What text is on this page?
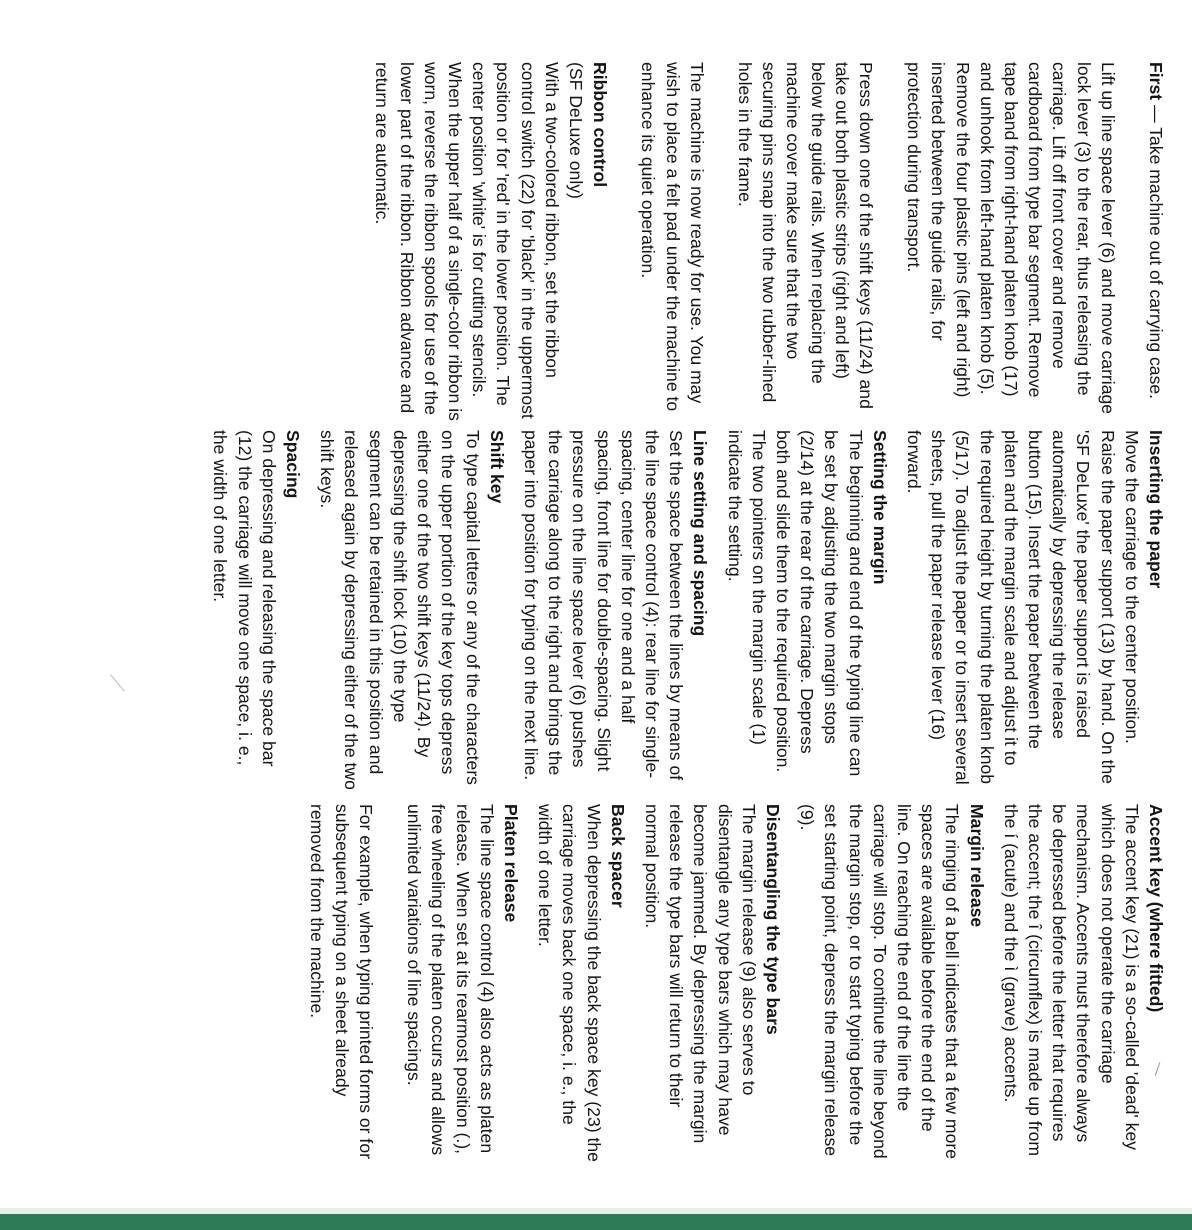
First — Take machine out of carrying case.

Lift up line space lever (6) and move carriage lock lever (3) to the rear, thus releasing the carriage. Lift off front cover and remove cardboard from type bar segment. Remove tape band from right-hand platen knob (17) and unhook from left-hand platen knob (5). Remove the four plastic pins (left and right) inserted between the guide rails, for protection during transport.

Press down one of the shift keys (11/24) and take out both plastic strips (right and left) below the guide rails. When replacing the machine cover make sure that the two securing pins snap into the two rubber-lined holes in the frame.

The machine is now ready for use. You may wish to place a felt pad under the machine to enhance its quiet operation.

Ribbon control

(SF DeLuxe only)
With a two-colored ribbon, set the ribbon control switch (22) for 'black' in the uppermost position or for 'red' in the lower position. The center position 'white' is for cutting stencils. When the upper half of a single-color ribbon is worn, reverse the ribbon spools for use of the lower part of the ribbon. Ribbon advance and return are automatic.

Inserting the paper

Move the carriage to the center position. Raise the paper support (13) by hand. On the 'SF DeLuxe' the paper support is raised automatically by depressing the release button (15). Insert the paper between the platen and the margin scale and adjust it to the required height by turning the platen knob (5/17). To adjust the paper or to insert several sheets, pull the paper release lever (16) forward.

Setting the margin

The beginning and end of the typing line can be set by adjusting the two margin stops (2/14) at the rear of the carriage. Depress both and slide them to the required position. The two pointers on the margin scale (1) indicate the setting.

Line setting and spacing

Set the space between the lines by means of the line space control (4): rear line for single-spacing, center line for one and a half spacing, front line for double-spacing. Slight pressure on the line space lever (6) pushes the carriage along to the right and brings the paper into position for typing on the next line.

Shift key

To type capital letters or any of the characters on the upper portion of the key tops depress either one of the two shift keys (11/24). By depressing the shift lock (10) the type segment can be retained in this position and released again by depressing either of the two shift keys.

Spacing

On depressing and releasing the space bar (12) the carriage will move one space, i. e., the width of one letter.

Accent key (where fitted)

The accent key (21) is a so-called 'dead' key which does not operate the carriage mechanism. Accents must therefore always be depressed before the letter that requires the accent; the î (circumflex) is made up from the í (acute) and the ì (grave) accents.

Margin release

The ringing of a bell indicates that a few more spaces are available before the end of the line. On reaching the end of the line the carriage will stop. To continue the line beyond the margin stop, or to start typing before the set starting point, depress the margin release (9).

Disentangling the type bars

The margin release (9) also serves to disentangle any type bars which may have become jammed. By depressing the margin release the type bars will return to their normal position.

Back spacer

When depressing the back space key (23) the carriage moves back one space, i. e., the width of one letter.

Platen release

The line space control (4) also acts as platen release. When set at its rearmost position (.), free wheeling of the platen occurs and allows unlimited variations of line spacings.

For example, when typing printed forms or for subsequent typing on a sheet already removed from the machine.
